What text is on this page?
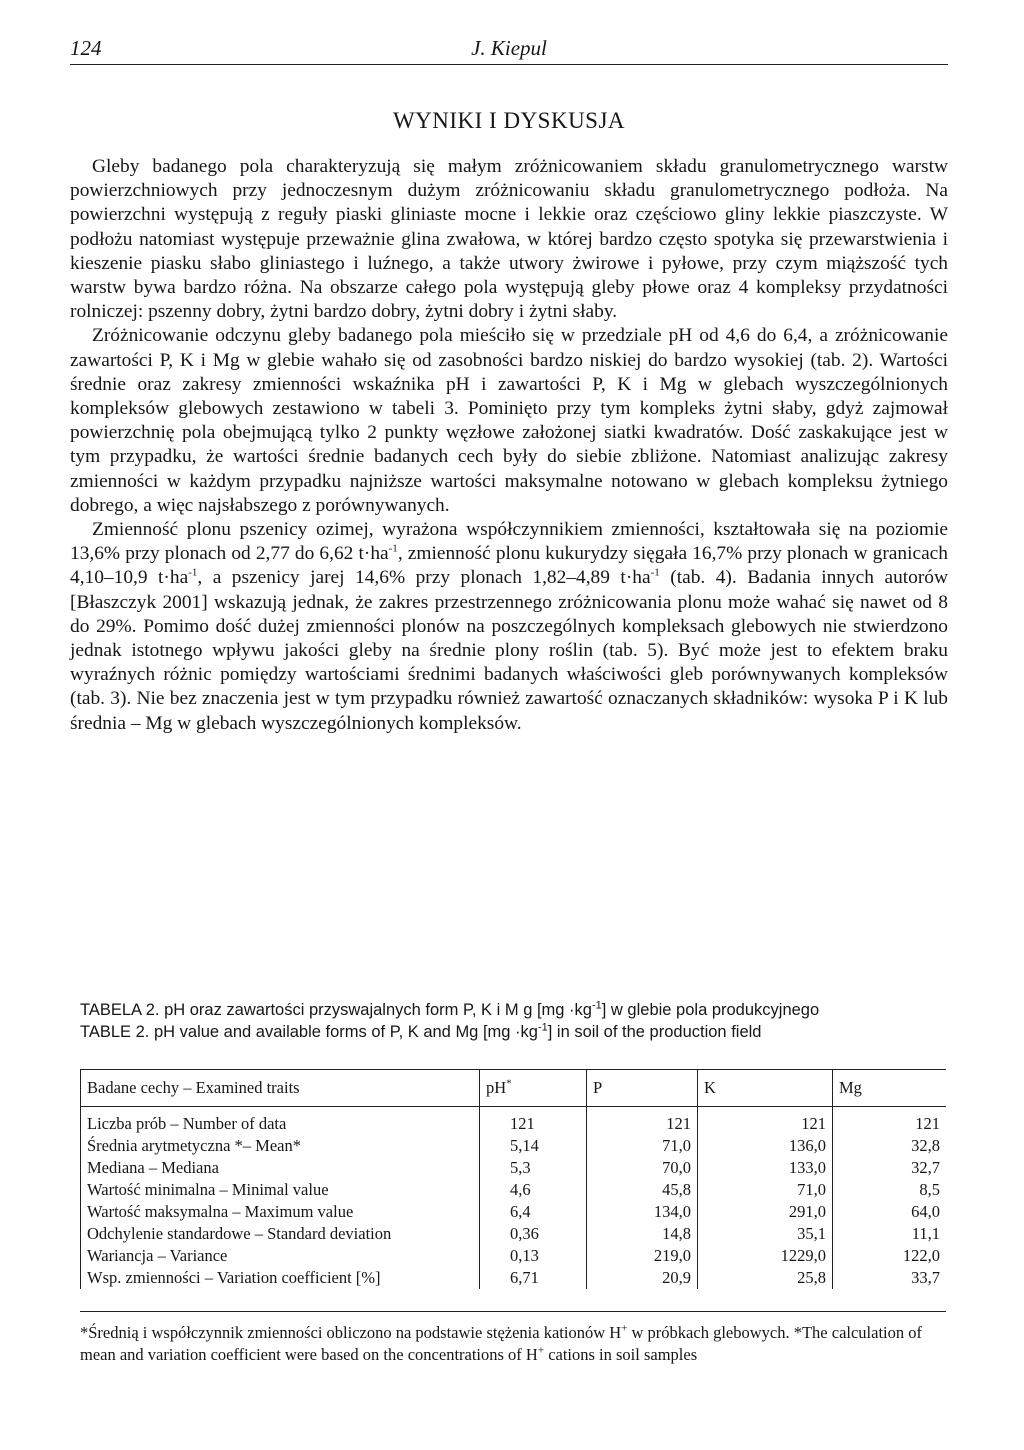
124	J. Kiepul
WYNIKI I DYSKUSJA

Gleby badanego pola charakteryzują się małym zróżnicowaniem składu granulometrycznego warstw powierzchniowych przy jednoczesnym dużym zróżnicowaniu składu granulometrycznego podłoża. Na powierzchni występują z reguły piaski gliniaste mocne i lekkie oraz częściowo gliny lekkie piaszczyste. W podłożu natomiast występuje przeważnie glina zwałowa, w której bardzo często spotyka się przewarstwienia i kieszenie piasku słabo gliniastego i luźnego, a także utwory żwirowe i pyłowe, przy czym miąższość tych warstw bywa bardzo różna. Na obszarze całego pola występują gleby płowe oraz 4 kompleksy przydatności rolniczej: pszenny dobry, żytni bardzo dobry, żytni dobry i żytni słaby.

Zróżnicowanie odczynu gleby badanego pola mieściło się w przedziale pH od 4,6 do 6,4, a zróżnicowanie zawartości P, K i Mg w glebie wahało się od zasobności bardzo niskiej do bardzo wysokiej (tab. 2). Wartości średnie oraz zakresy zmienności wskaźnika pH i zawartości P, K i Mg w glebach wyszczególnionych kompleksów glebowych zestawiono w tabeli 3. Pominięto przy tym kompleks żytni słaby, gdyż zajmował powierzchnię pola obejmującą tylko 2 punkty węzłowe założonej siatki kwadratów. Dość zaskakujące jest w tym przypadku, że wartości średnie badanych cech były do siebie zbliżone. Natomiast analizując zakresy zmienności w każdym przypadku najniższe wartości maksymalne notowano w glebach kompleksu żytniego dobrego, a więc najsłabszego z porównywanych.

Zmienność plonu pszenicy ozimej, wyrażona współczynnikiem zmienności, kształtowała się na poziomie 13,6% przy plonach od 2,77 do 6,62 $t\cdot ha^{-1}$, zmienność plonu kukurydzy sięgała 16,7% przy plonach w granicach 4,10–10,9 $t\cdot ha^{-1}$, a pszenicy jarej 14,6% przy plonach 1,82–4,89 $t\cdot ha^{-1}$ (tab. 4). Badania innych autorów [Błaszczyk 2001] wskazują jednak, że zakres przestrzennego zróżnicowania plonu może wahać się nawet od 8 do 29%. Pomimo dość dużej zmienności plonów na poszczególnych kompleksach glebowych nie stwierdzono jednak istotnego wpływu jakości gleby na średnie plony roślin (tab. 5). Być może jest to efektem braku wyraźnych różnic pomiędzy wartościami średnimi badanych właściwości gleb porównywanych kompleksów (tab. 3). Nie bez znaczenia jest w tym przypadku również zawartość oznaczanych składników: wysoka P i K lub średnia – Mg w glebach wyszczególnionych kompleksów.

TABELA 2. pH oraz zawartości przyswajalnych form P, K i M g $[mg \cdot kg^{-1}]$ w glebie pola produkcyjnego
TABLE 2. pH value and available forms of P, K and Mg $[mg \cdot kg^{-1}]$ in soil of the production field
Badane cechy – Examined traits	pH*	P	K	Mg
Liczba prób – Number of data	121	121	121	121
Średnia arytmetyczna *– Mean*	5,14	71,0	136,0	32,8
Mediana – Mediana	5,3	70,0	133,0	32,7
Wartość minimalna – Minimal value	4,6	45,8	71,0	8,5
Wartość maksymalna – Maximum value	6,4	134,0	291,0	64,0
Odchylenie standardowe – Standard deviation	0,36	14,8	35,1	11,1
Wariancja – Variance	0,13	219,0	1229,0	122,0
Wsp. zmienności – Variation coefficient [%]	6,71	20,9	25,8	33,7
*Średnią i współczynnik zmienności obliczono na podstawie stężenia kationów H+ w próbkach glebowych. *The calculation of mean and variation coefficient were based on the concentrations of H+ cations in soil samples
